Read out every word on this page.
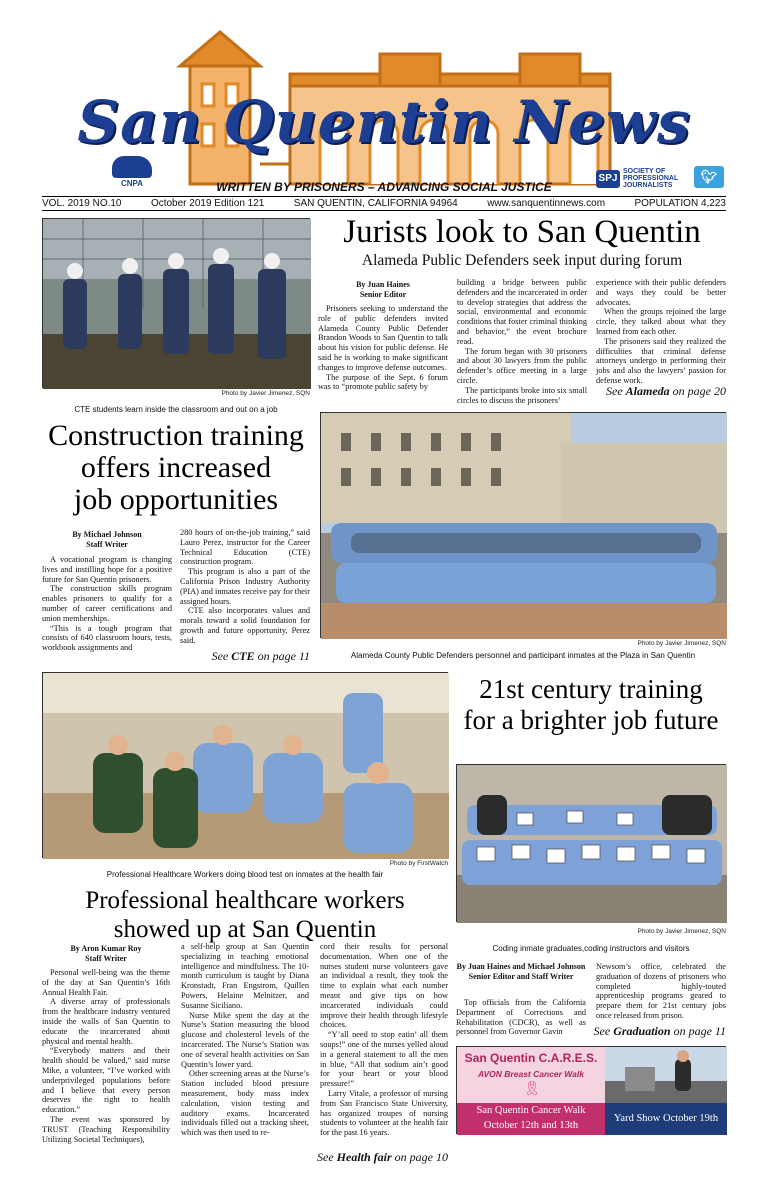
San Quentin News
CNPA	SPJ
SOCIETY OF PROFESSIONAL JOURNALISTS
🐦︎
WRITTEN BY PRISONERS – ADVANCING SOCIAL JUSTICE
VOL. 2019 NO.10	October 2019 Edition 121	SAN QUENTIN, CALIFORNIA 94964	www.sanquentinnews.com	POPULATION 4,223
Photo by Javier Jimenez, SQN
CTE students learn inside the classroom and out on a job
Jurists look to San Quentin
Alameda Public Defenders seek input during forum
By Juan Haines
Senior Editor

Prisoners seeking to understand the role of public defenders invited Alameda County Public Defender Brandon Woods to San Quentin to talk about his vision for public defense. He said he is working to make significant changes to improve defense outcomes.

The purpose of the Sept. 6 forum was to “promote public safety by

building a bridge between public defenders and the incarcerated in order to develop strategies that address the social, environmental and economic conditions that foster criminal thinking and behavior,” the event brochure read.

The forum began with 30 prisoners and about 30 lawyers from the public defender’s office meeting in a large circle.

The participants broke into six small circles to discuss the prisoners’

experience with their public defenders and ways they could be better advocates.

When the groups rejoined the large circle, they talked about what they learned from each other.

The prisoners said they realized the difficulties that criminal defense attorneys undergo in performing their jobs and also the lawyers’ passion for defense work.

See Alameda on page 20
Construction training
offers increased
job opportunities
By Michael Johnson
Staff Writer

A vocational program is changing lives and instilling hope for a positive future for San Quentin prisoners.

The construction skills program enables prisoners to qualify for a number of career certifications and union memberships.

“This is a tough program that consists of 640 classroom hours, tests, workbook assignments and

280 hours of on-the-job training,” said Lauro Perez, instructor for the Career Technical Education (CTE) construction program.

This program is also a part of the California Prison Industry Authority (PIA) and inmates receive pay for their assigned hours.

CTE also incorporates values and morals toward a solid foundation for growth and future opportunity, Perez said.

See CTE on page 11
Photo by Javier Jimenez, SQN
Alameda County Public Defenders personnel and participant inmates at the Plaza in San Quentin
Photo by FirstWatch
Professional Healthcare Workers doing blood test on inmates at the health fair
21st century training
for a brighter job future
Photo by Javier Jimenez, SQN
Coding inmate graduates,coding instructors and visitors
Professional healthcare workers
showed up at San Quentin
By Aron Kumar Roy
Staff Writer

Personal well-being was the theme of the day at San Quentin’s 16th Annual Health Fair.

A diverse array of professionals from the healthcare industry ventured inside the walls of San Quentin to educate the incarcerated about physical and mental health.

“Everybody matters and their health should be valued,” said nurse Mike, a volunteer, “I’ve worked with underprivileged populations before and I believe that every person deserves the right to health education.”

The event was sponsored by TRUST (Teaching Responsibility Utilizing Societal Techniques),

a self-help group at San Quentin specializing in teaching emotional intelligence and mindfulness. The 10-month curriculum is taught by Diana Kronstadt, Fran Engstrom, Quillen Powers, Helaine Melnitzer, and Susanne Siciliano.

Nurse Mike spent the day at the Nurse’s Station measuring the blood glucose and cholesterol levels of the incarcerated. The Nurse’s Station was one of several health activities on San Quentin’s lower yard.

Other screening areas at the Nurse’s Station included blood pressure measurement, body mass index calculation, vision testing and auditory exams. Incarcerated individuals filled out a tracking sheet, which was then used to re-

cord their results for personal documentation. When one of the nurses student nurse volunteers gave an individual a result, they took the time to explain what each number meant and give tips on how incarcerated individuals could improve their health through lifestyle choices.

“Y’all need to stop eatin’ all them soups!” one of the nurses yelled aloud in a general statement to all the men in blue, “All that sodium ain’t good for your heart or your blood pressure!”

Larry Vitale, a professor of nursing from San Francisco State University, has organized troupes of nursing students to volunteer at the health fair for the past 16 years.

See Health fair on page 10
By Juan Haines and Michael Johnson
Senior Editor and Staff Writer

Top officials from the California Department of Corrections and Rehabilitation (CDCR), as well as personnel from Governor Gavin

Newsom’s office, celebrated the graduation of dozens of prisoners who completed highly-touted apprenticeship programs geared to prepare them for 21st century jobs once released from prison.

See Graduation on page 11
San Quentin C.A.R.E.S.
AVON Breast Cancer Walk
🎗︎
San Quentin Cancer Walk
October 12th and 13th
Yard Show October 19th
